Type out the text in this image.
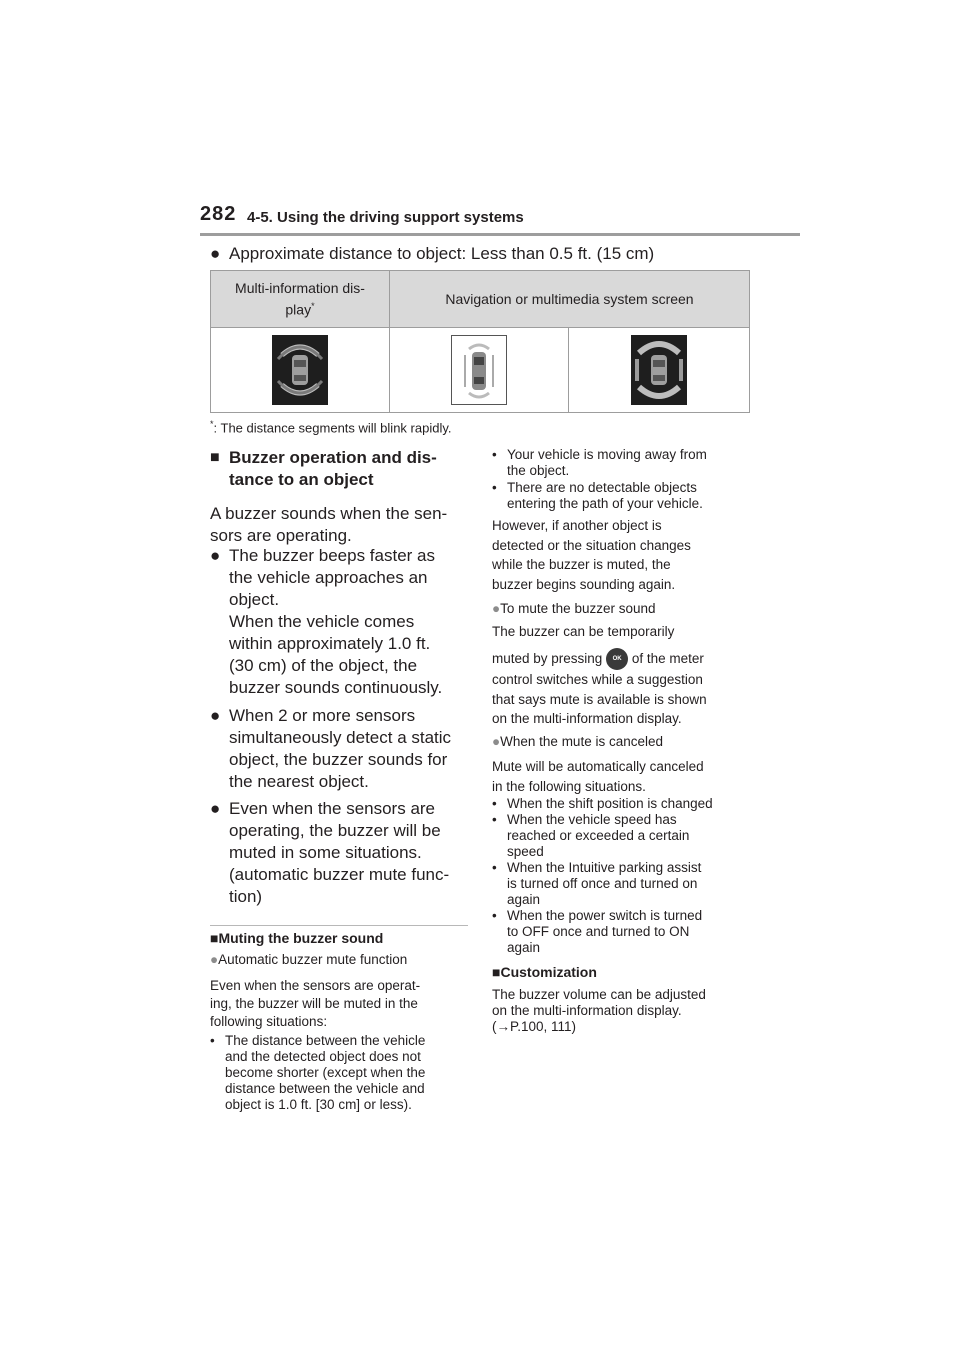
282 4-5. Using the driving support systems
● Approximate distance to object: Less than 0.5 ft. (15 cm)
Multi-information dis-
play*	Navigation or multimedia system screen	

*: The distance segments will blink rapidly.
■ Buzzer operation and dis-
tance to an object
A buzzer sounds when the sen-
sors are operating.
● The buzzer beeps faster as
the vehicle approaches an
object.
When the vehicle comes
within approximately 1.0 ft.
(30 cm) of the object, the
buzzer sounds continuously.
● When 2 or more sensors
simultaneously detect a static
object, the buzzer sounds for
the nearest object.
● Even when the sensors are
operating, the buzzer will be
muted in some situations.
(automatic buzzer mute func-
tion)
■Muting the buzzer sound
●Automatic buzzer mute function
Even when the sensors are operat-
ing, the buzzer will be muted in the
following situations:
• The distance between the vehicle
and the detected object does not
become shorter (except when the
distance between the vehicle and
object is 1.0 ft. [30 cm] or less).
• Your vehicle is moving away from
the object.
• There are no detectable objects
entering the path of your vehicle.
However, if another object is
detected or the situation changes
while the buzzer is muted, the
buzzer begins sounding again.
●To mute the buzzer sound
The buzzer can be temporarily
muted by pressing OK of the meter
control switches while a suggestion
that says mute is available is shown
on the multi-information display.
●When the mute is canceled
Mute will be automatically canceled
in the following situations.
• When the shift position is changed
• When the vehicle speed has
reached or exceeded a certain
speed
• When the Intuitive parking assist
is turned off once and turned on
again
• When the power switch is turned
to OFF once and turned to ON
again
■Customization
The buzzer volume can be adjusted
on the multi-information display.
(→P.100, 111)
